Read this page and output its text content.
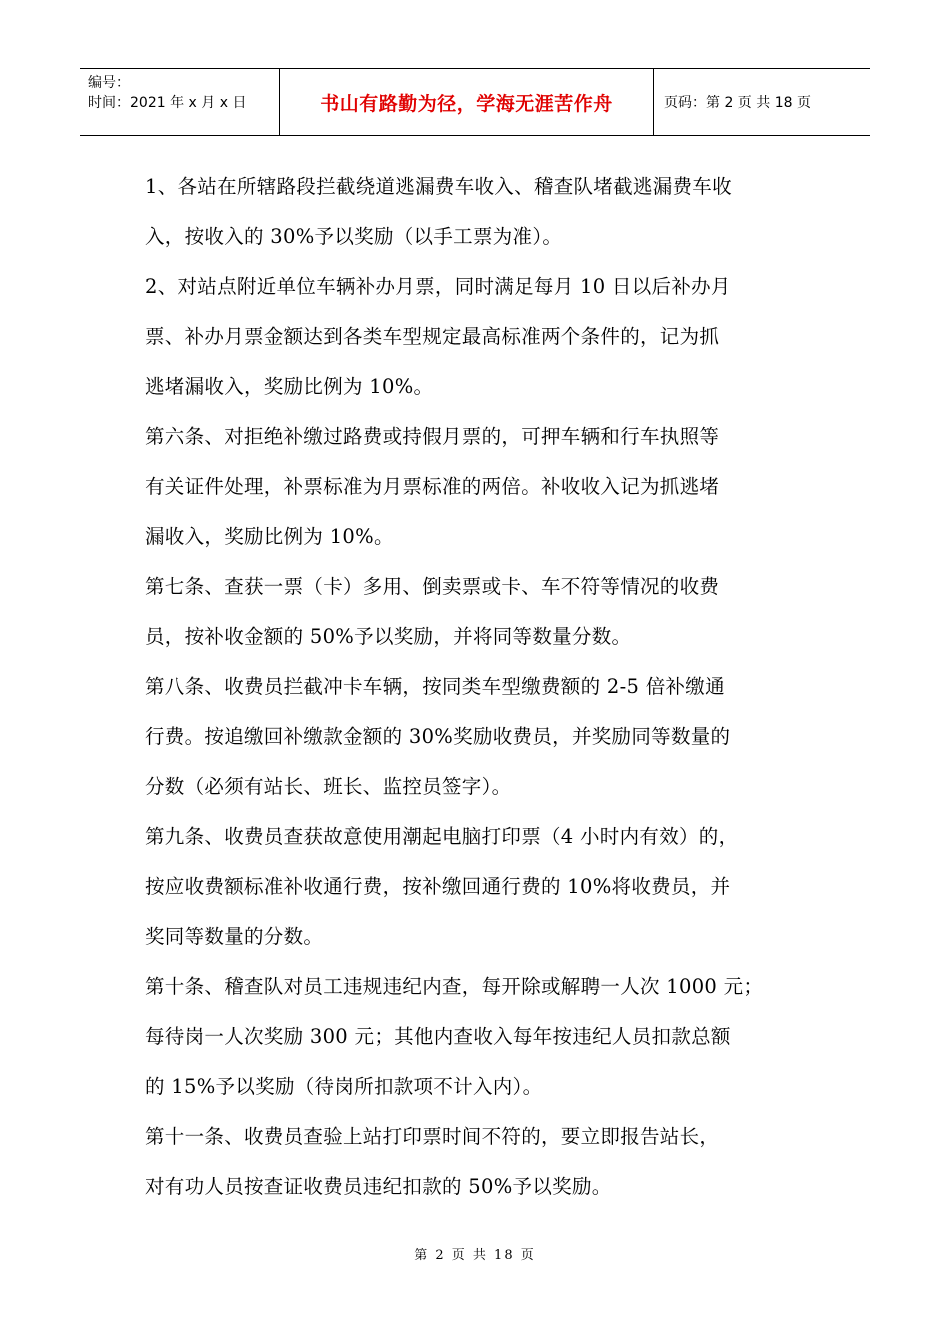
编号：
时间：2021 年 x 月 x 日	书山有路勤为径，学海无涯苦作舟	页码：第 2 页 共 18 页
1、各站在所辖路段拦截绕道逃漏费车收入、稽查队堵截逃漏费车收
入，按收入的 30%予以奖励（以手工票为准）。
2、对站点附近单位车辆补办月票，同时满足每月 10 日以后补办月
票、补办月票金额达到各类车型规定最高标准两个条件的，记为抓
逃堵漏收入，奖励比例为 10%。
第六条、对拒绝补缴过路费或持假月票的，可押车辆和行车执照等
有关证件处理，补票标准为月票标准的两倍。补收收入记为抓逃堵
漏收入，奖励比例为 10%。
第七条、查获一票（卡）多用、倒卖票或卡、车不符等情况的收费
员，按补收金额的 50%予以奖励，并将同等数量分数。
第八条、收费员拦截冲卡车辆，按同类车型缴费额的 2-5 倍补缴通
行费。按追缴回补缴款金额的 30%奖励收费员，并奖励同等数量的
分数（必须有站长、班长、监控员签字）。
第九条、收费员查获故意使用潮起电脑打印票（4 小时内有效）的，
按应收费额标准补收通行费，按补缴回通行费的 10%将收费员，并
奖同等数量的分数。
第十条、稽查队对员工违规违纪内查，每开除或解聘一人次 1000 元；
每待岗一人次奖励 300 元；其他内查收入每年按违纪人员扣款总额
的 15%予以奖励（待岗所扣款项不计入内）。
第十一条、收费员查验上站打印票时间不符的，要立即报告站长，
对有功人员按查证收费员违纪扣款的 50%予以奖励。
第 2 页 共 18 页
